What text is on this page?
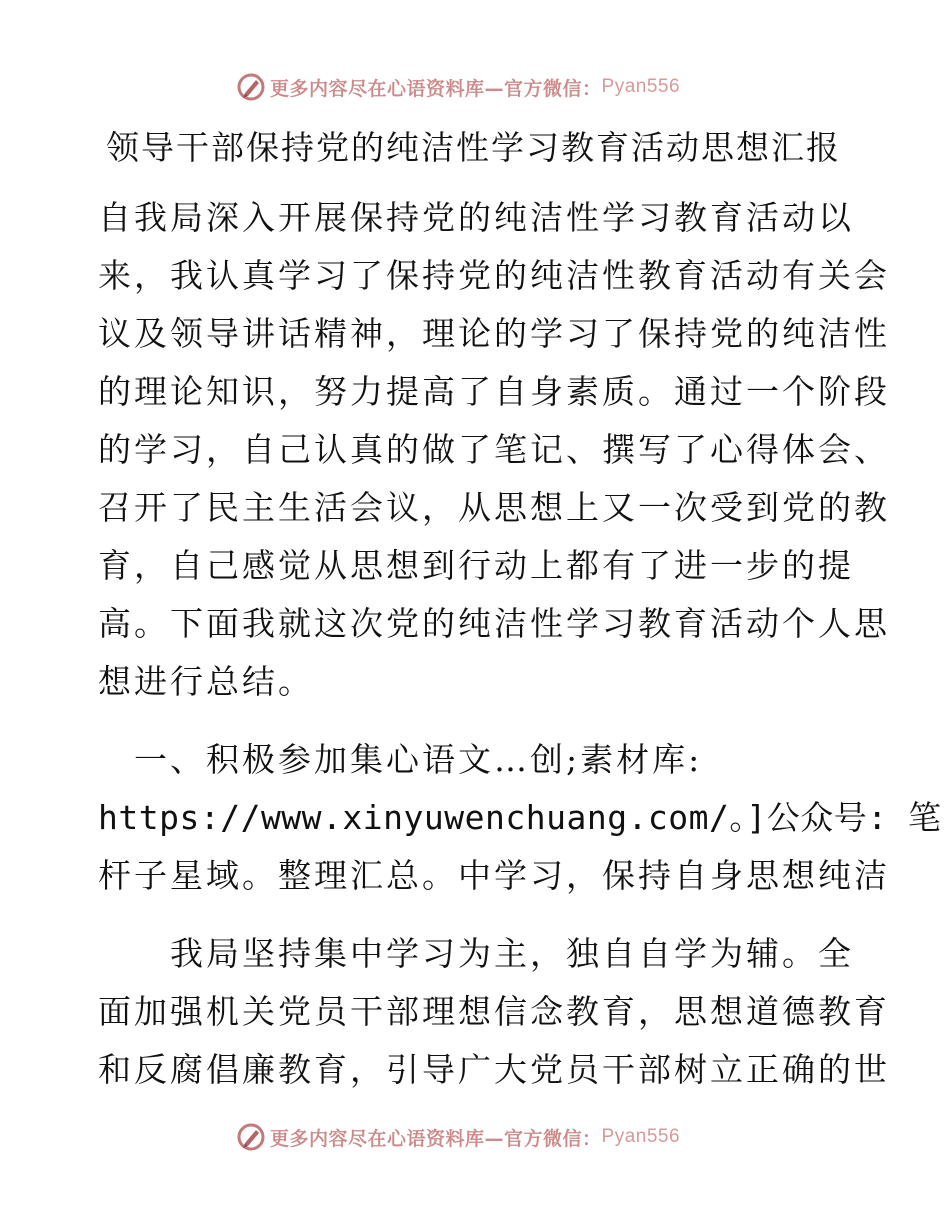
更多内容尽在心语资料库—官方微信： Pyan556
领导干部保持党的纯洁性学习教育活动思想汇报
自我局深入开展保持党的纯洁性学习教育活动以
来，我认真学习了保持党的纯洁性教育活动有关会
议及领导讲话精神，理论的学习了保持党的纯洁性
的理论知识，努力提高了自身素质。通过一个阶段
的学习，自己认真的做了笔记、撰写了心得体会、
召开了民主生活会议，从思想上又一次受到党的教
育，自己感觉从思想到行动上都有了进一步的提
高。下面我就这次党的纯洁性学习教育活动个人思
想进行总结。
　一、积极参加集心语文…创;素材库:
https://www.xinyuwenchuang.com/。]公众号: 笔
杆子星域。整理汇总。中学习，保持自身思想纯洁
　　我局坚持集中学习为主，独自自学为辅。全
面加强机关党员干部理想信念教育，思想道德教育
和反腐倡廉教育，引导广大党员干部树立正确的世
更多内容尽在心语资料库—官方微信： Pyan556
